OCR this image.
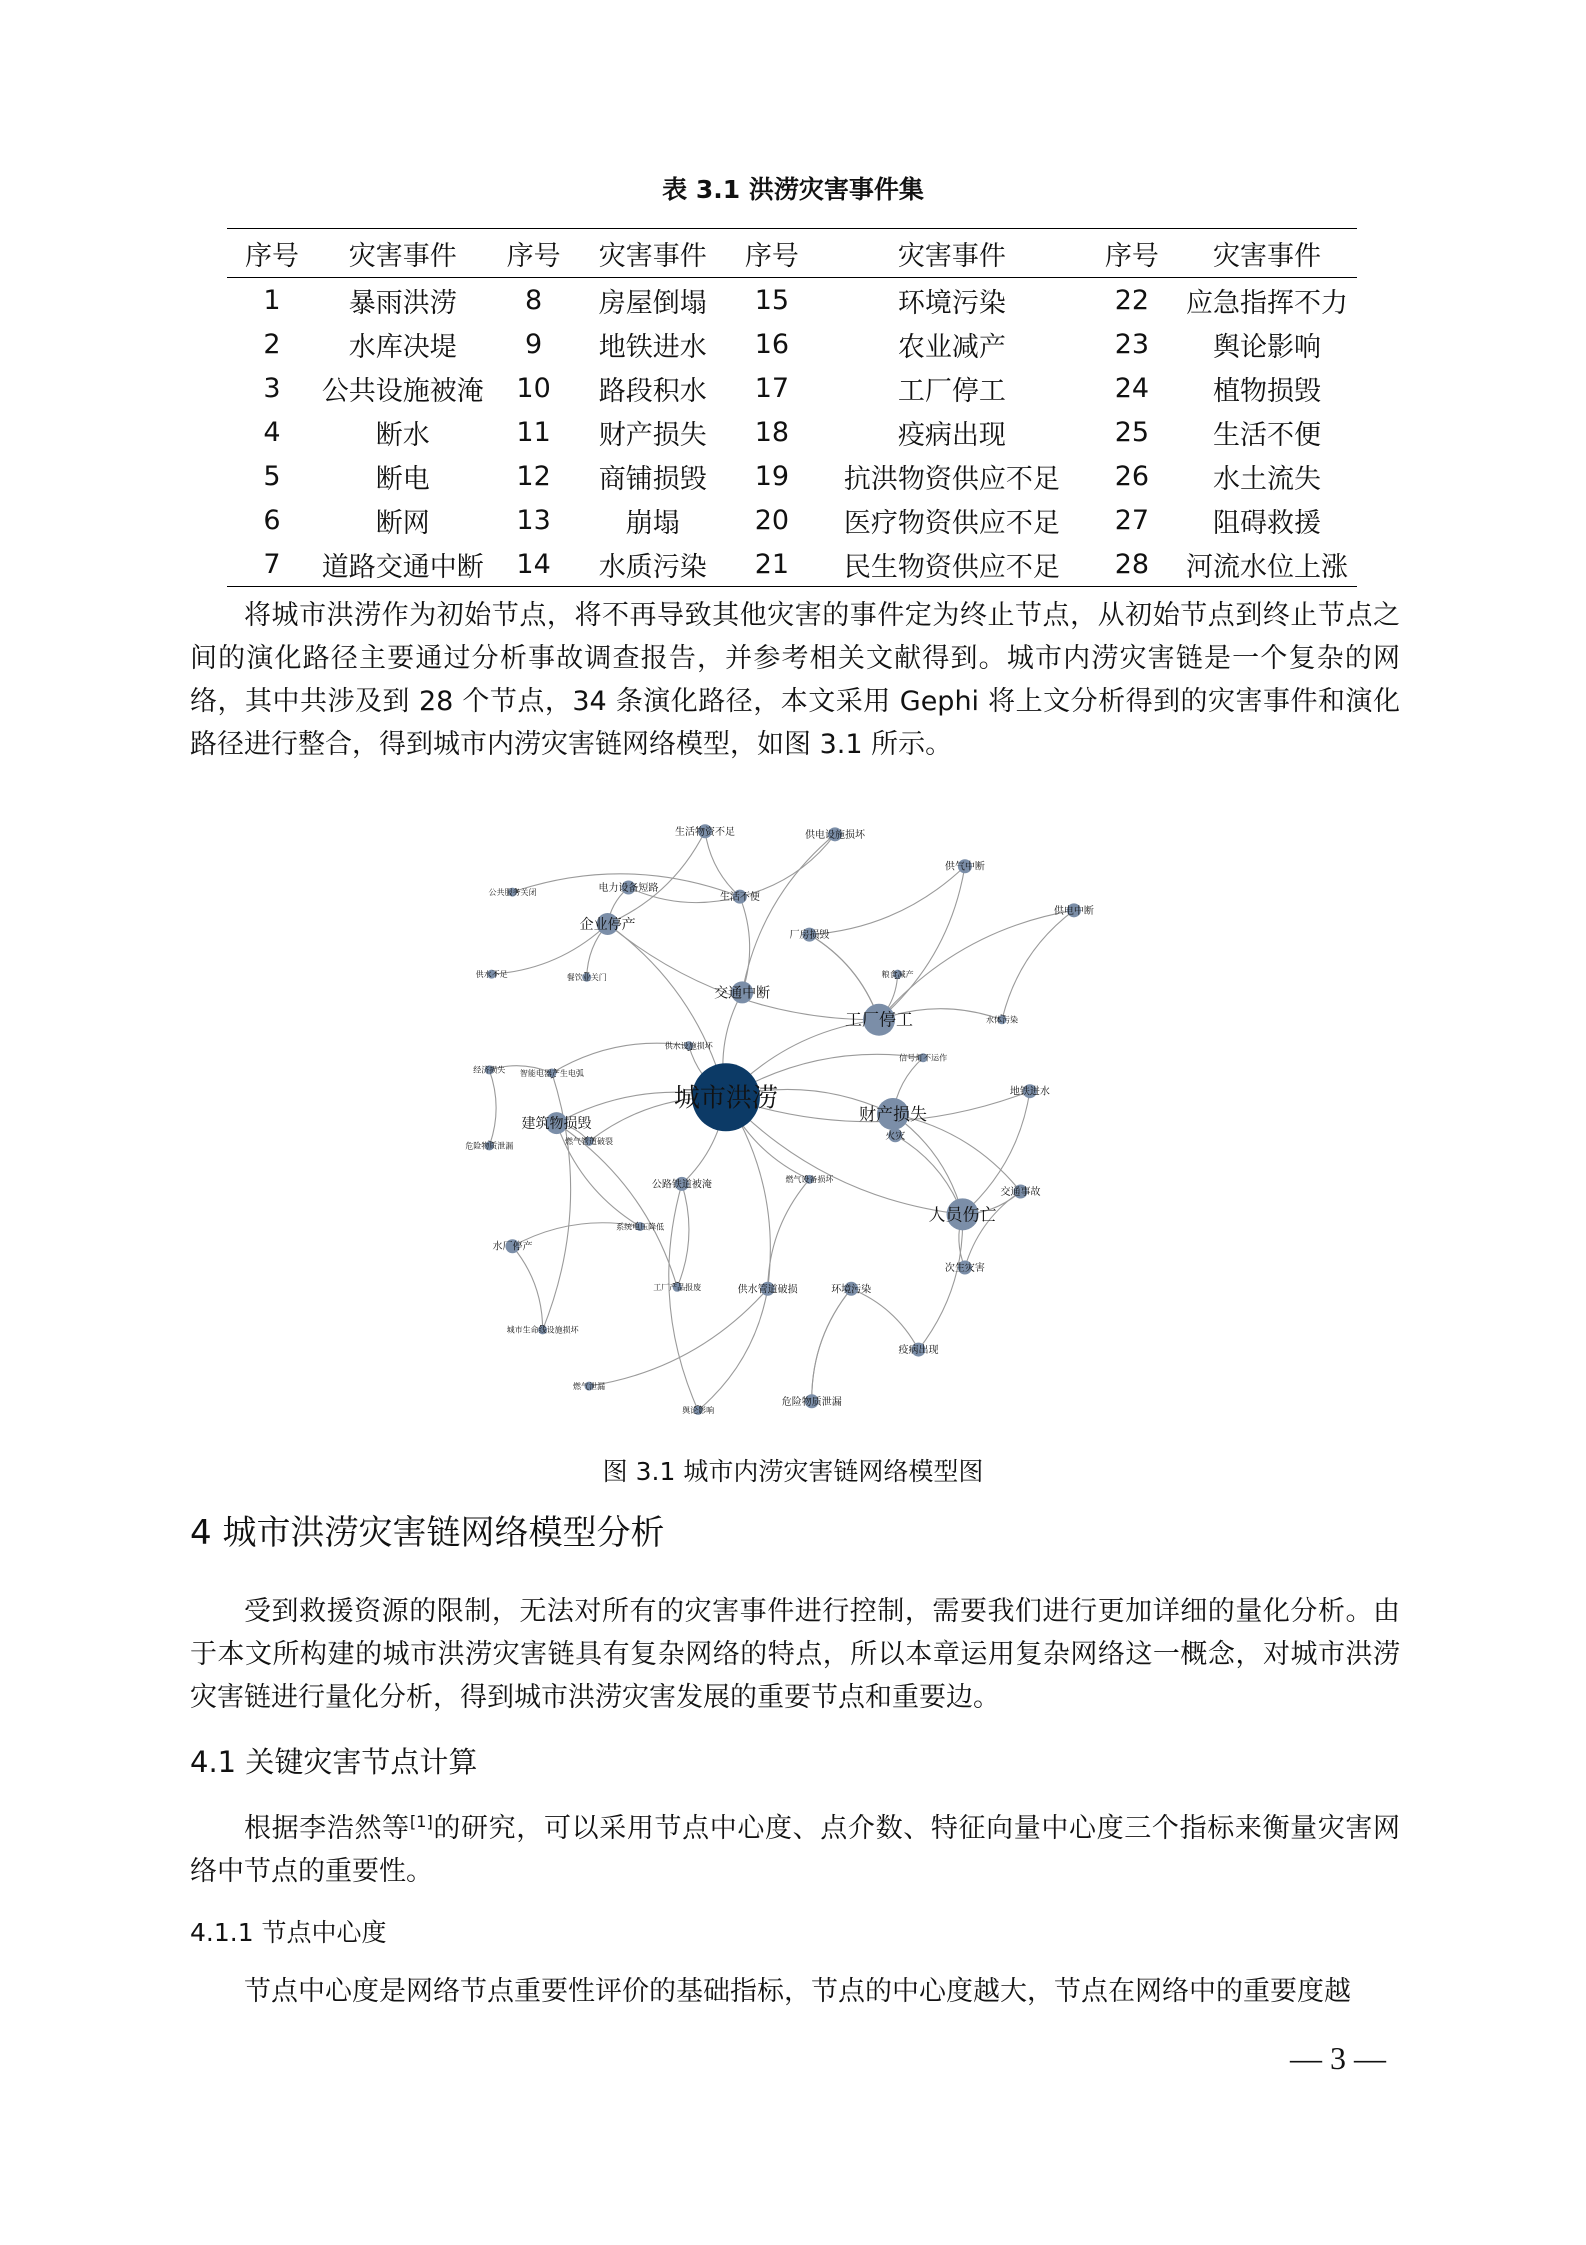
表 3.1 洪涝灾害事件集
序号	灾害事件	序号	灾害事件	序号	灾害事件	序号	灾害事件
1	暴雨洪涝	8	房屋倒塌	15	环境污染	22	应急指挥不力
2	水库决堤	9	地铁进水	16	农业减产	23	舆论影响
3	公共设施被淹	10	路段积水	17	工厂停工	24	植物损毁
4	断水	11	财产损失	18	疫病出现	25	生活不便
5	断电	12	商铺损毁	19	抗洪物资供应不足	26	水土流失
6	断网	13	崩塌	20	医疗物资供应不足	27	阻碍救援
7	道路交通中断	14	水质污染	21	民生物资供应不足	28	河流水位上涨
将城市洪涝作为初始节点，将不再导致其他灾害的事件定为终止节点，从初始节点到终止节点之间的演化路径主要通过分析事故调查报告，并参考相关文献得到。城市内涝灾害链是一个复杂的网络，其中共涉及到 28 个节点，34 条演化路径，本文采用 Gephi 将上文分析得到的灾害事件和演化路径进行整合，得到城市内涝灾害链网络模型，如图 3.1 所示。
城市洪涝
工厂停工
人员伤亡
财产损失
建筑物损毁
交通中断
企业停产
生活物资不足	供电设施损坏
电力设备短路
生活不便
供气中断
公共服务关闭
供电中断
厂房损毁
供水不足	餐饮业关门	粮食减产
水体污染
经济损失 智能电器产生电弧
供水设施损坏
信号灯不运作
地铁进水
危险物质泄漏
燃气管道破裂	火灾
交通事故
公路铁道被淹	燃气设备损坏
系统电压降低
水厂停产
次生灾害
工厂产品报废	供水管道破损	环境污染
城市生命线设施损坏
疫病出现
燃气泄漏
舆论影响
危险物质泄漏
图 3.1 城市内涝灾害链网络模型图
4 城市洪涝灾害链网络模型分析
受到救援资源的限制，无法对所有的灾害事件进行控制，需要我们进行更加详细的量化分析。由于本文所构建的城市洪涝灾害链具有复杂网络的特点，所以本章运用复杂网络这一概念，对城市洪涝灾害链进行量化分析，得到城市洪涝灾害发展的重要节点和重要边。
4.1 关键灾害节点计算
根据李浩然等[1]的研究，可以采用节点中心度、点介数、特征向量中心度三个指标来衡量灾害网络中节点的重要性。
4.1.1 节点中心度
节点中心度是网络节点重要性评价的基础指标，节点的中心度越大，节点在网络中的重要度越
— 3 —
